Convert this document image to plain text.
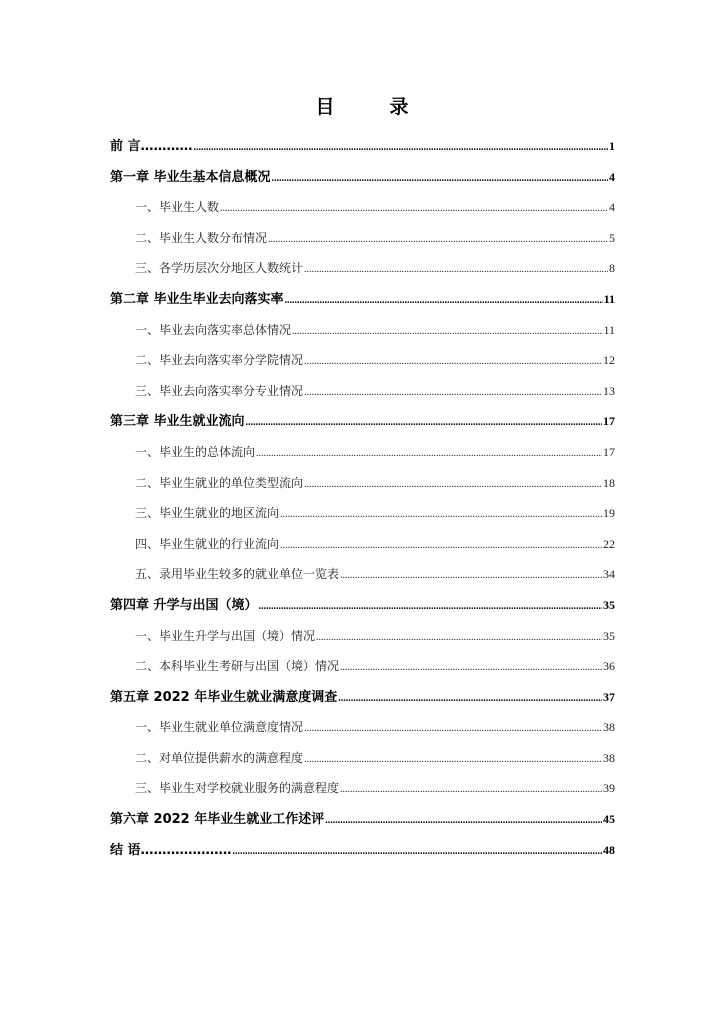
目　录
前 言………… .....	1
第一章 毕业生基本信息概况 .....	4
一、毕业生人数 .....	4
二、毕业生人数分布情况 .....	5
三、各学历层次分地区人数统计 .....	8
第二章 毕业生毕业去向落实率 .....	11
一、毕业去向落实率总体情况 .....	11
二、毕业去向落实率分学院情况 .....	12
三、毕业去向落实率分专业情况 .....	13
第三章 毕业生就业流向 .....	17
一、毕业生的总体流向 .....	17
二、毕业生就业的单位类型流向 .....	18
三、毕业生就业的地区流向 .....	19
四、毕业生就业的行业流向 .....	22
五、录用毕业生较多的就业单位一览表 .....	34
第四章 升学与出国（境） .....	35
一、毕业生升学与出国（境）情况 .....	35
二、本科毕业生考研与出国（境）情况 .....	36
第五章 2022 年毕业生就业满意度调查 .....	37
一、毕业生就业单位满意度情况 .....	38
二、对单位提供薪水的满意程度 .....	38
三、毕业生对学校就业服务的满意程度 .....	39
第六章 2022 年毕业生就业工作述评 .....	45
结 语………………… .....	48
